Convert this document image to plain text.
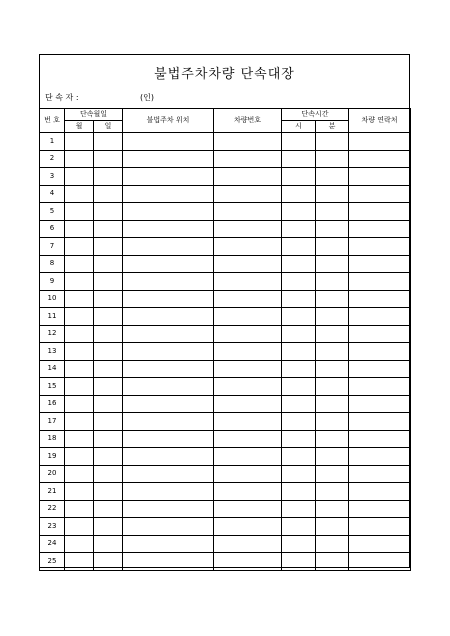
불법주차차량 단속대장
단 속 자 :	(인)
번 호	단속월일		불법주차 위치	차량번호	단속시간		차량 연락처
	월	일			시	분	
1							
2							
3							
4							
5							
6							
7							
8							
9							
10							
11							
12							
13							
14							
15							
16							
17							
18							
19							
20							
21							
22							
23							
24							
25							
